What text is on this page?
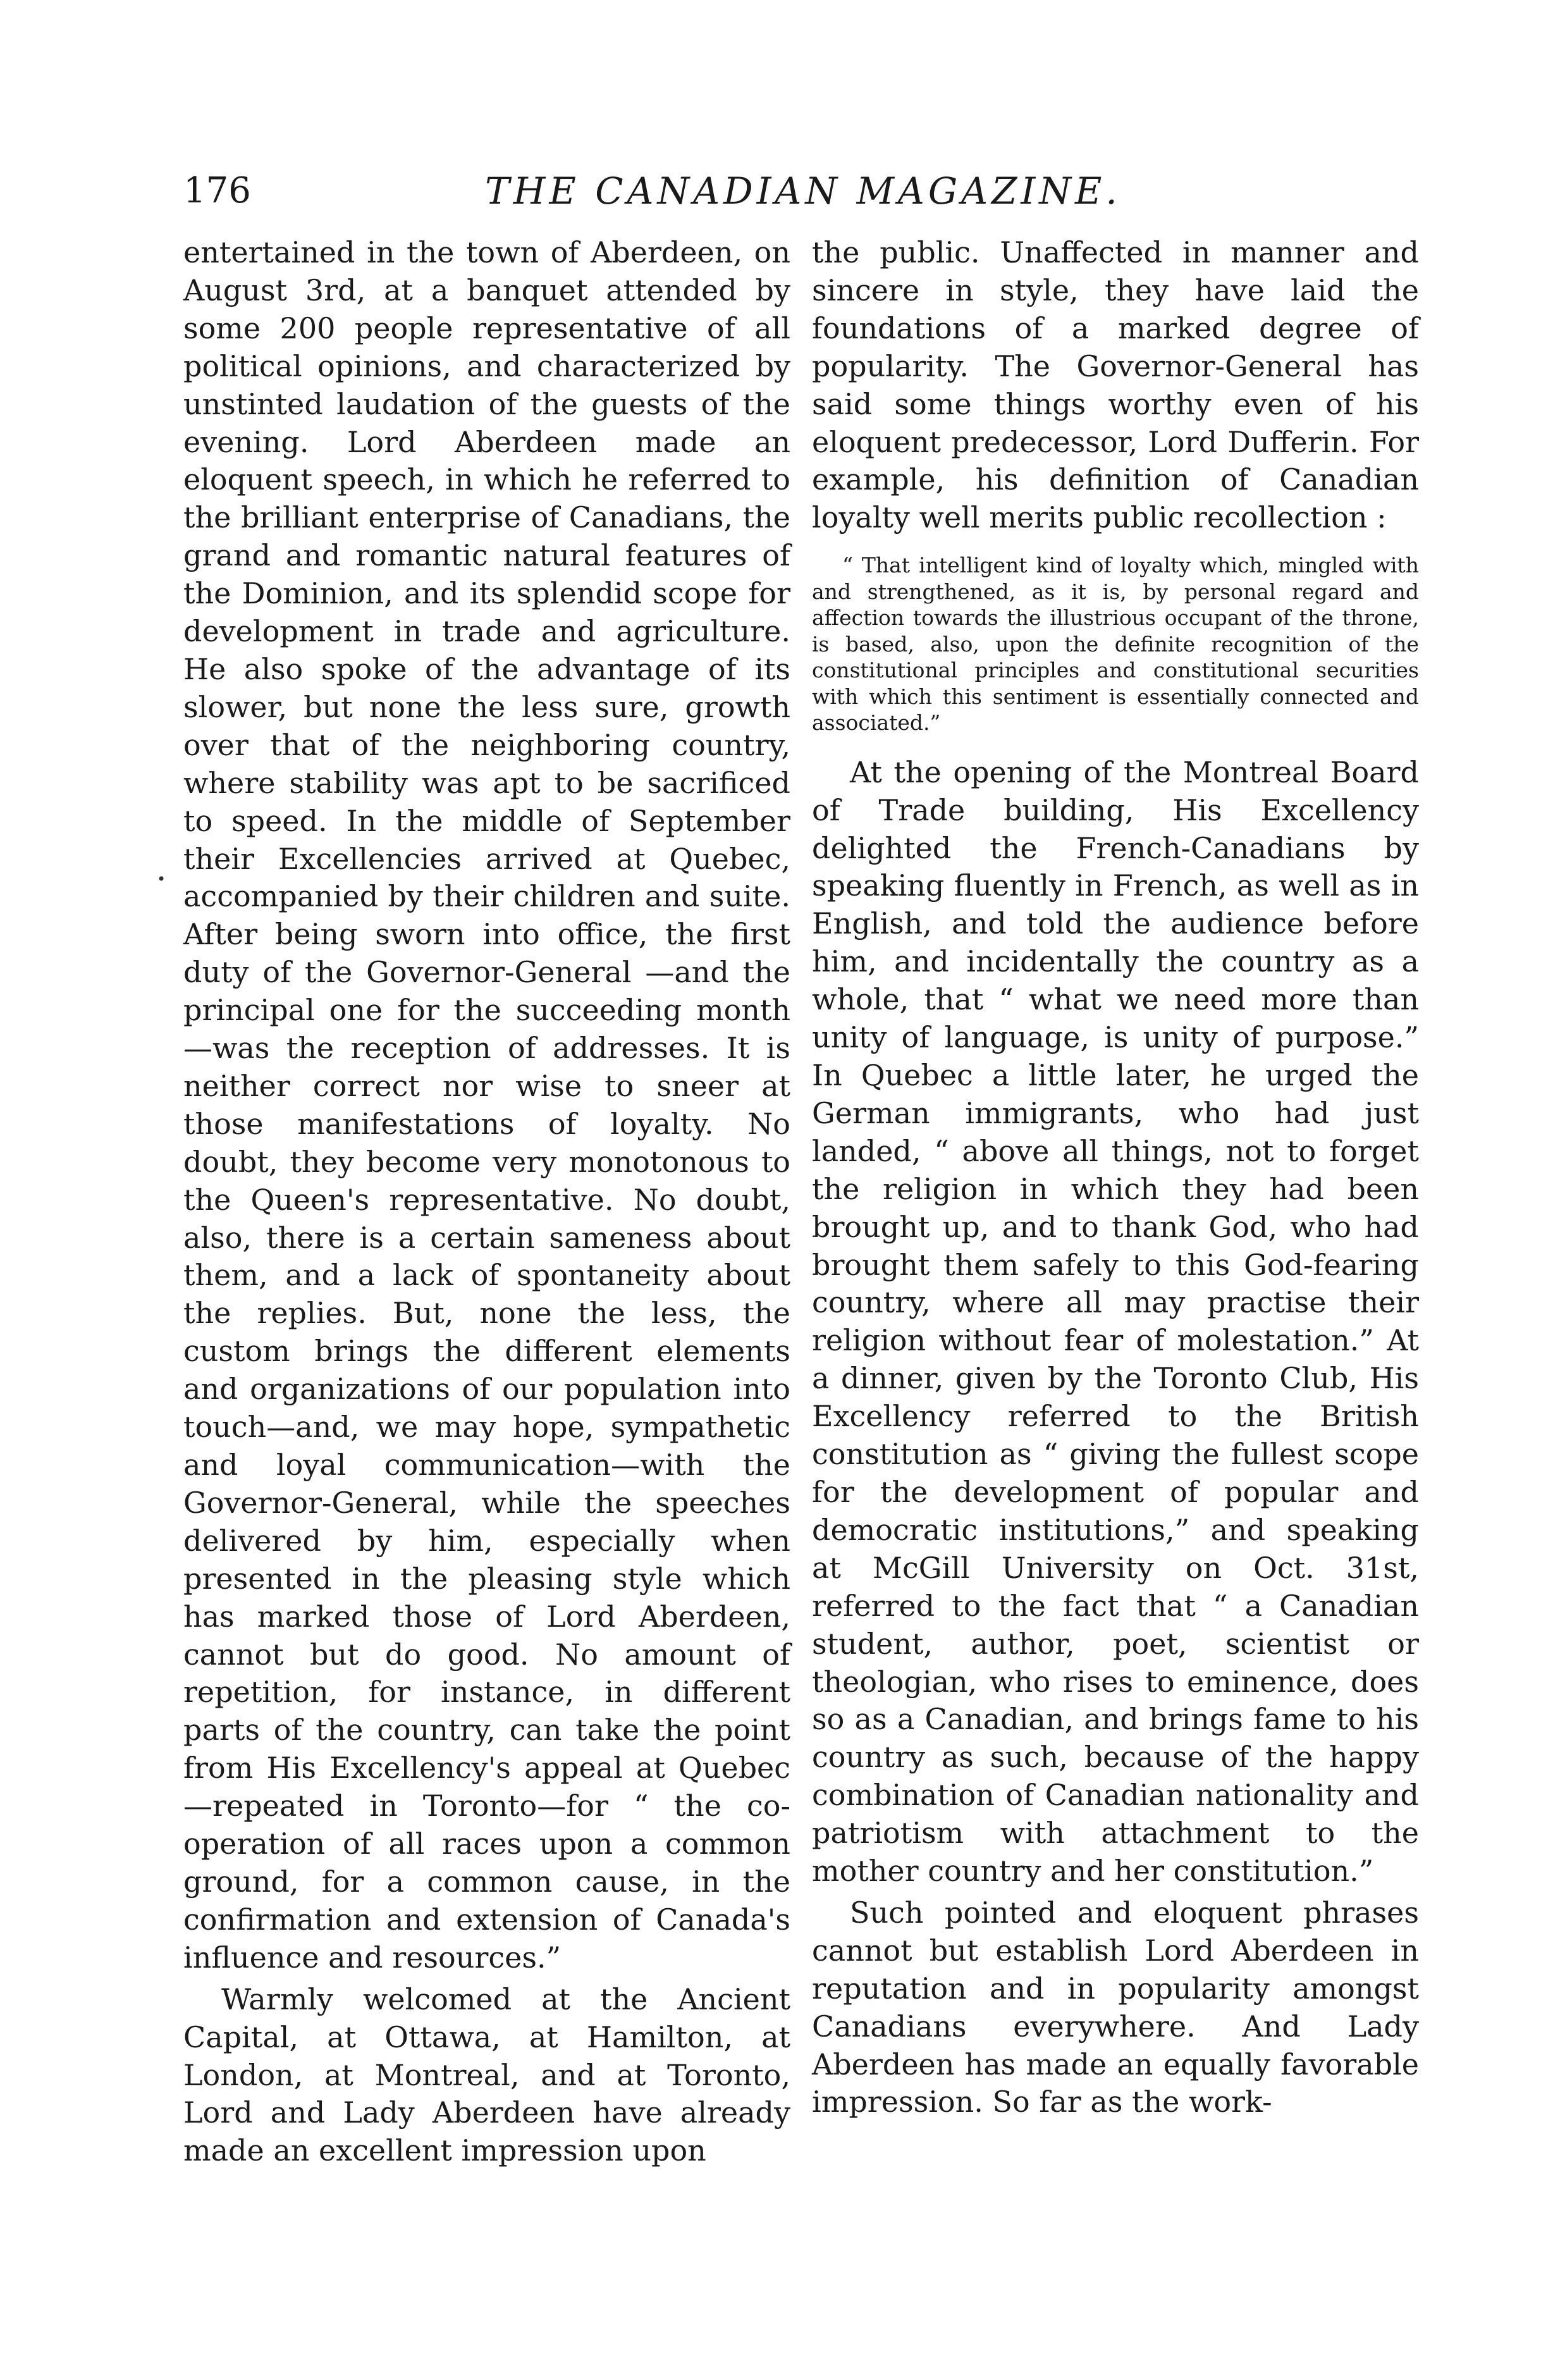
176	THE CANADIAN MAGAZINE.
•

entertained in the town of Aberdeen, on August 3rd, at a banquet attended by some 200 people representative of all political opinions, and characterized by unstinted laudation of the guests of the evening. Lord Aberdeen made an eloquent speech, in which he referred to the brilliant enterprise of Canadians, the grand and romantic natural features of the Dominion, and its splendid scope for development in trade and agriculture. He also spoke of the advantage of its slower, but none the less sure, growth over that of the neighboring country, where stability was apt to be sacrificed to speed. In the middle of September their Excellencies arrived at Quebec, accompanied by their children and suite. After being sworn into office, the first duty of the Governor-General —and the principal one for the succeeding month—was the reception of addresses. It is neither correct nor wise to sneer at those manifestations of loyalty. No doubt, they become very monotonous to the Queen's representative. No doubt, also, there is a certain sameness about them, and a lack of spontaneity about the replies. But, none the less, the custom brings the different elements and organizations of our population into touch—and, we may hope, sympathetic and loyal communication—with the Governor-General, while the speeches delivered by him, especially when presented in the pleasing style which has marked those of Lord Aberdeen, cannot but do good. No amount of repetition, for instance, in different parts of the country, can take the point from His Excellency's appeal at Quebec—repeated in Toronto—for “ the co-operation of all races upon a common ground, for a common cause, in the confirmation and extension of Canada's influence and resources.”

Warmly welcomed at the Ancient Capital, at Ottawa, at Hamilton, at London, at Montreal, and at Toronto, Lord and Lady Aberdeen have already made an excellent impression upon

the public. Unaffected in manner and sincere in style, they have laid the foundations of a marked degree of popularity. The Governor-General has said some things worthy even of his eloquent predecessor, Lord Dufferin. For example, his definition of Canadian loyalty well merits public recollection :

“ That intelligent kind of loyalty which, mingled with and strengthened, as it is, by personal regard and affection towards the illustrious occupant of the throne, is based, also, upon the definite recognition of the constitutional principles and constitutional securities with which this sentiment is essentially connected and associated.”

At the opening of the Montreal Board of Trade building, His Excellency delighted the French-Canadians by speaking fluently in French, as well as in English, and told the audience before him, and incidentally the country as a whole, that “ what we need more than unity of language, is unity of purpose.” In Quebec a little later, he urged the German immigrants, who had just landed, “ above all things, not to forget the religion in which they had been brought up, and to thank God, who had brought them safely to this God-fearing country, where all may practise their religion without fear of molestation.” At a dinner, given by the Toronto Club, His Excellency referred to the British constitution as “ giving the fullest scope for the development of popular and democratic institutions,” and speaking at McGill University on Oct. 31st, referred to the fact that “ a Canadian student, author, poet, scientist or theologian, who rises to eminence, does so as a Canadian, and brings fame to his country as such, because of the happy combination of Canadian nationality and patriotism with attachment to the mother country and her constitution.”

Such pointed and eloquent phrases cannot but establish Lord Aberdeen in reputation and in popularity amongst Canadians everywhere. And Lady Aberdeen has made an equally favorable impression. So far as the work-
